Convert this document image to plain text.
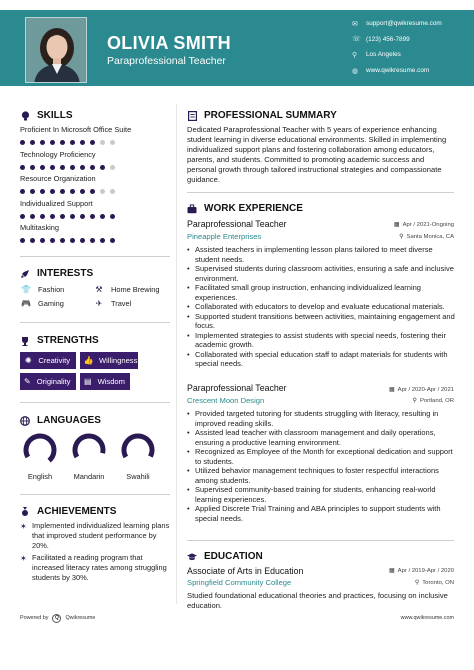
OLIVIA SMITH
Paraprofessional Teacher
✉	support@qwikresume.com
☏ (123) 456-7899
⚲	Los Angeles
◍	www.qwikresume.com
SKILLS
Proficient In Microsoft Office Suite
Technology Proficiency
Resource Organization
Individualized Support
Multitasking
INTERESTS
👕 Fashion	⚒	Home Brewing
🎮 Gaming	✈	Travel
STRENGTHS
✺ Creativity 👍 Willingness
✎ Originality ▤ Wisdom
LANGUAGES
English	Mandarin	Swahili
ACHIEVEMENTS
✶ Implemented individualized learning plans that improved student performance by 20%.
✶ Facilitated a reading program that increased literacy rates among struggling students by 30%.
PROFESSIONAL SUMMARY
Dedicated Paraprofessional Teacher with 5 years of experience enhancing student learning in diverse educational environments. Skilled in implementing individualized support plans and fostering collaboration among educators, parents, and students. Committed to promoting academic success and personal growth through tailored instructional strategies and compassionate guidance.
WORK EXPERIENCE
Paraprofessional Teacher	▦ Apr / 2021-Ongoing
Pineapple Enterprises	⚲ Santa Monica, CA
• Assisted teachers in implementing lesson plans tailored to meet diverse student needs.
• Supervised students during classroom activities, ensuring a safe and inclusive environment.
• Facilitated small group instruction, enhancing individualized learning experiences.
• Collaborated with educators to develop and evaluate educational materials.
• Supported student transitions between activities, maintaining engagement and focus.
• Implemented strategies to assist students with special needs, fostering their academic growth.
• Collaborated with special education staff to adapt materials for students with special needs.
Paraprofessional Teacher	▦ Apr / 2020-Apr / 2021
Crescent Moon Design	⚲ Portland, OR
• Provided targeted tutoring for students struggling with literacy, resulting in improved reading skills.
• Assisted lead teacher with classroom management and daily operations, ensuring a productive learning environment.
• Recognized as Employee of the Month for exceptional dedication and support to students.
• Utilized behavior management techniques to foster respectful interactions among students.
• Supervised community-based training for students, enhancing real-world learning experiences.
• Applied Discrete Trial Training and ABA principles to support students with special needs.
EDUCATION
Associate of Arts in Education	▦ Apr / 2019-Apr / 2020
Springfield Community College	⚲ Toronto, ON
Studied foundational educational theories and practices, focusing on inclusive education.
Powered by	Q	Qwikresume	www.qwikresume.com
